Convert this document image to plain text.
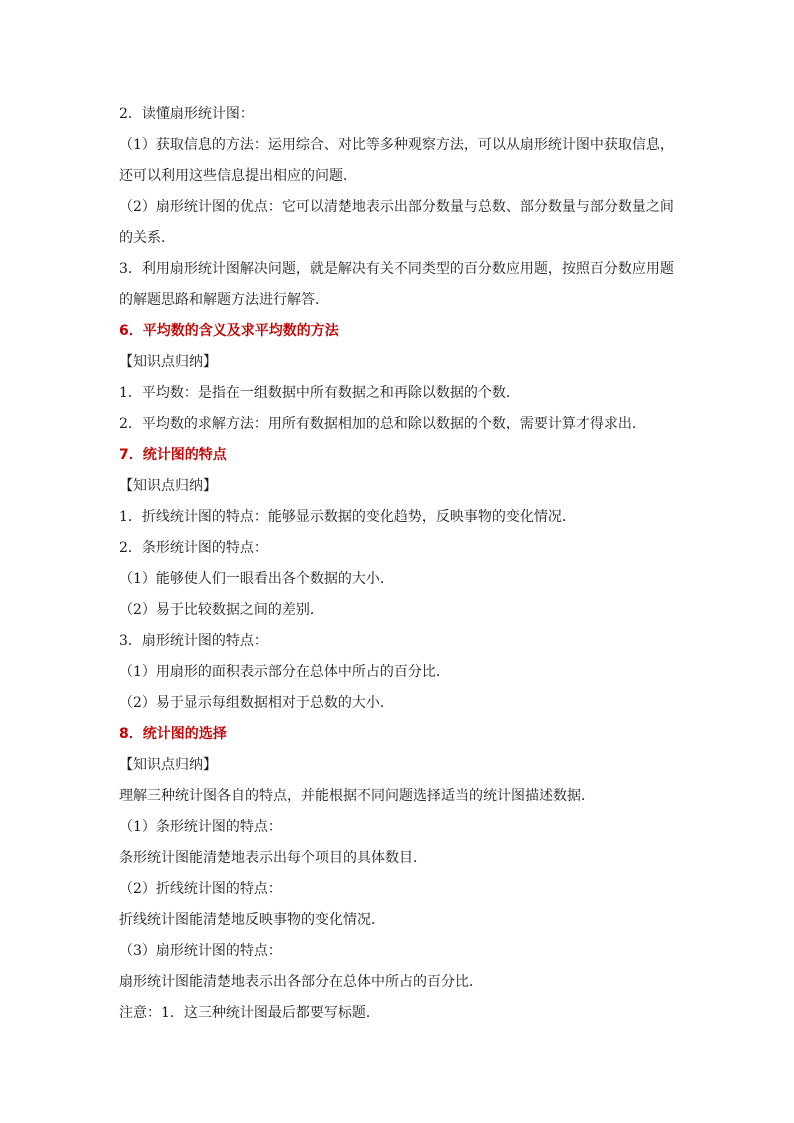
2．读懂扇形统计图：
（1）获取信息的方法：运用综合、对比等多种观察方法，可以从扇形统计图中获取信息，
还可以利用这些信息提出相应的问题．
（2）扇形统计图的优点：它可以清楚地表示出部分数量与总数、部分数量与部分数量之间
的关系．
3．利用扇形统计图解决问题，就是解决有关不同类型的百分数应用题，按照百分数应用题
的解题思路和解题方法进行解答．
6．平均数的含义及求平均数的方法
【知识点归纳】
1．平均数：是指在一组数据中所有数据之和再除以数据的个数．
2．平均数的求解方法：用所有数据相加的总和除以数据的个数，需要计算才得求出．
7．统计图的特点
【知识点归纳】
1．折线统计图的特点：能够显示数据的变化趋势，反映事物的变化情况．
2．条形统计图的特点：
（1）能够使人们一眼看出各个数据的大小．
（2）易于比较数据之间的差别．
3．扇形统计图的特点：
（1）用扇形的面积表示部分在总体中所占的百分比．
（2）易于显示每组数据相对于总数的大小．
8．统计图的选择
【知识点归纳】
理解三种统计图各自的特点，并能根据不同问题选择适当的统计图描述数据．
（1）条形统计图的特点：
条形统计图能清楚地表示出每个项目的具体数目．
（2）折线统计图的特点：
折线统计图能清楚地反映事物的变化情况．
（3）扇形统计图的特点：
扇形统计图能清楚地表示出各部分在总体中所占的百分比．
注意：1．这三种统计图最后都要写标题．
